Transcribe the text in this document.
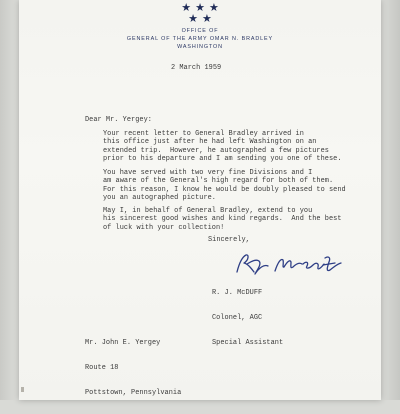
★ ★ ★
★ ★
OFFICE OF
GENERAL OF THE ARMY OMAR N. BRADLEY
WASHINGTON
2 March 1959
Dear Mr. Yergey:
Your recent letter to General Bradley arrived in
this office just after he had left Washington on an
extended trip.  However, he autographed a few pictures
prior to his departure and I am sending you one of these.
You have served with two very fine Divisions and I
am aware of the General's high regard for both of them.
For this reason, I know he would be doubly pleased to send
you an autographed picture.
May I, in behalf of General Bradley, extend to you
his sincerest good wishes and kind regards.  And the best
of luck with your collection!
Sincerely,

R. J. McDUFF

Colonel, AGC

Special Assistant

Mr. John E. Yergey

Route 18

Pottstown, Pennsylvania
